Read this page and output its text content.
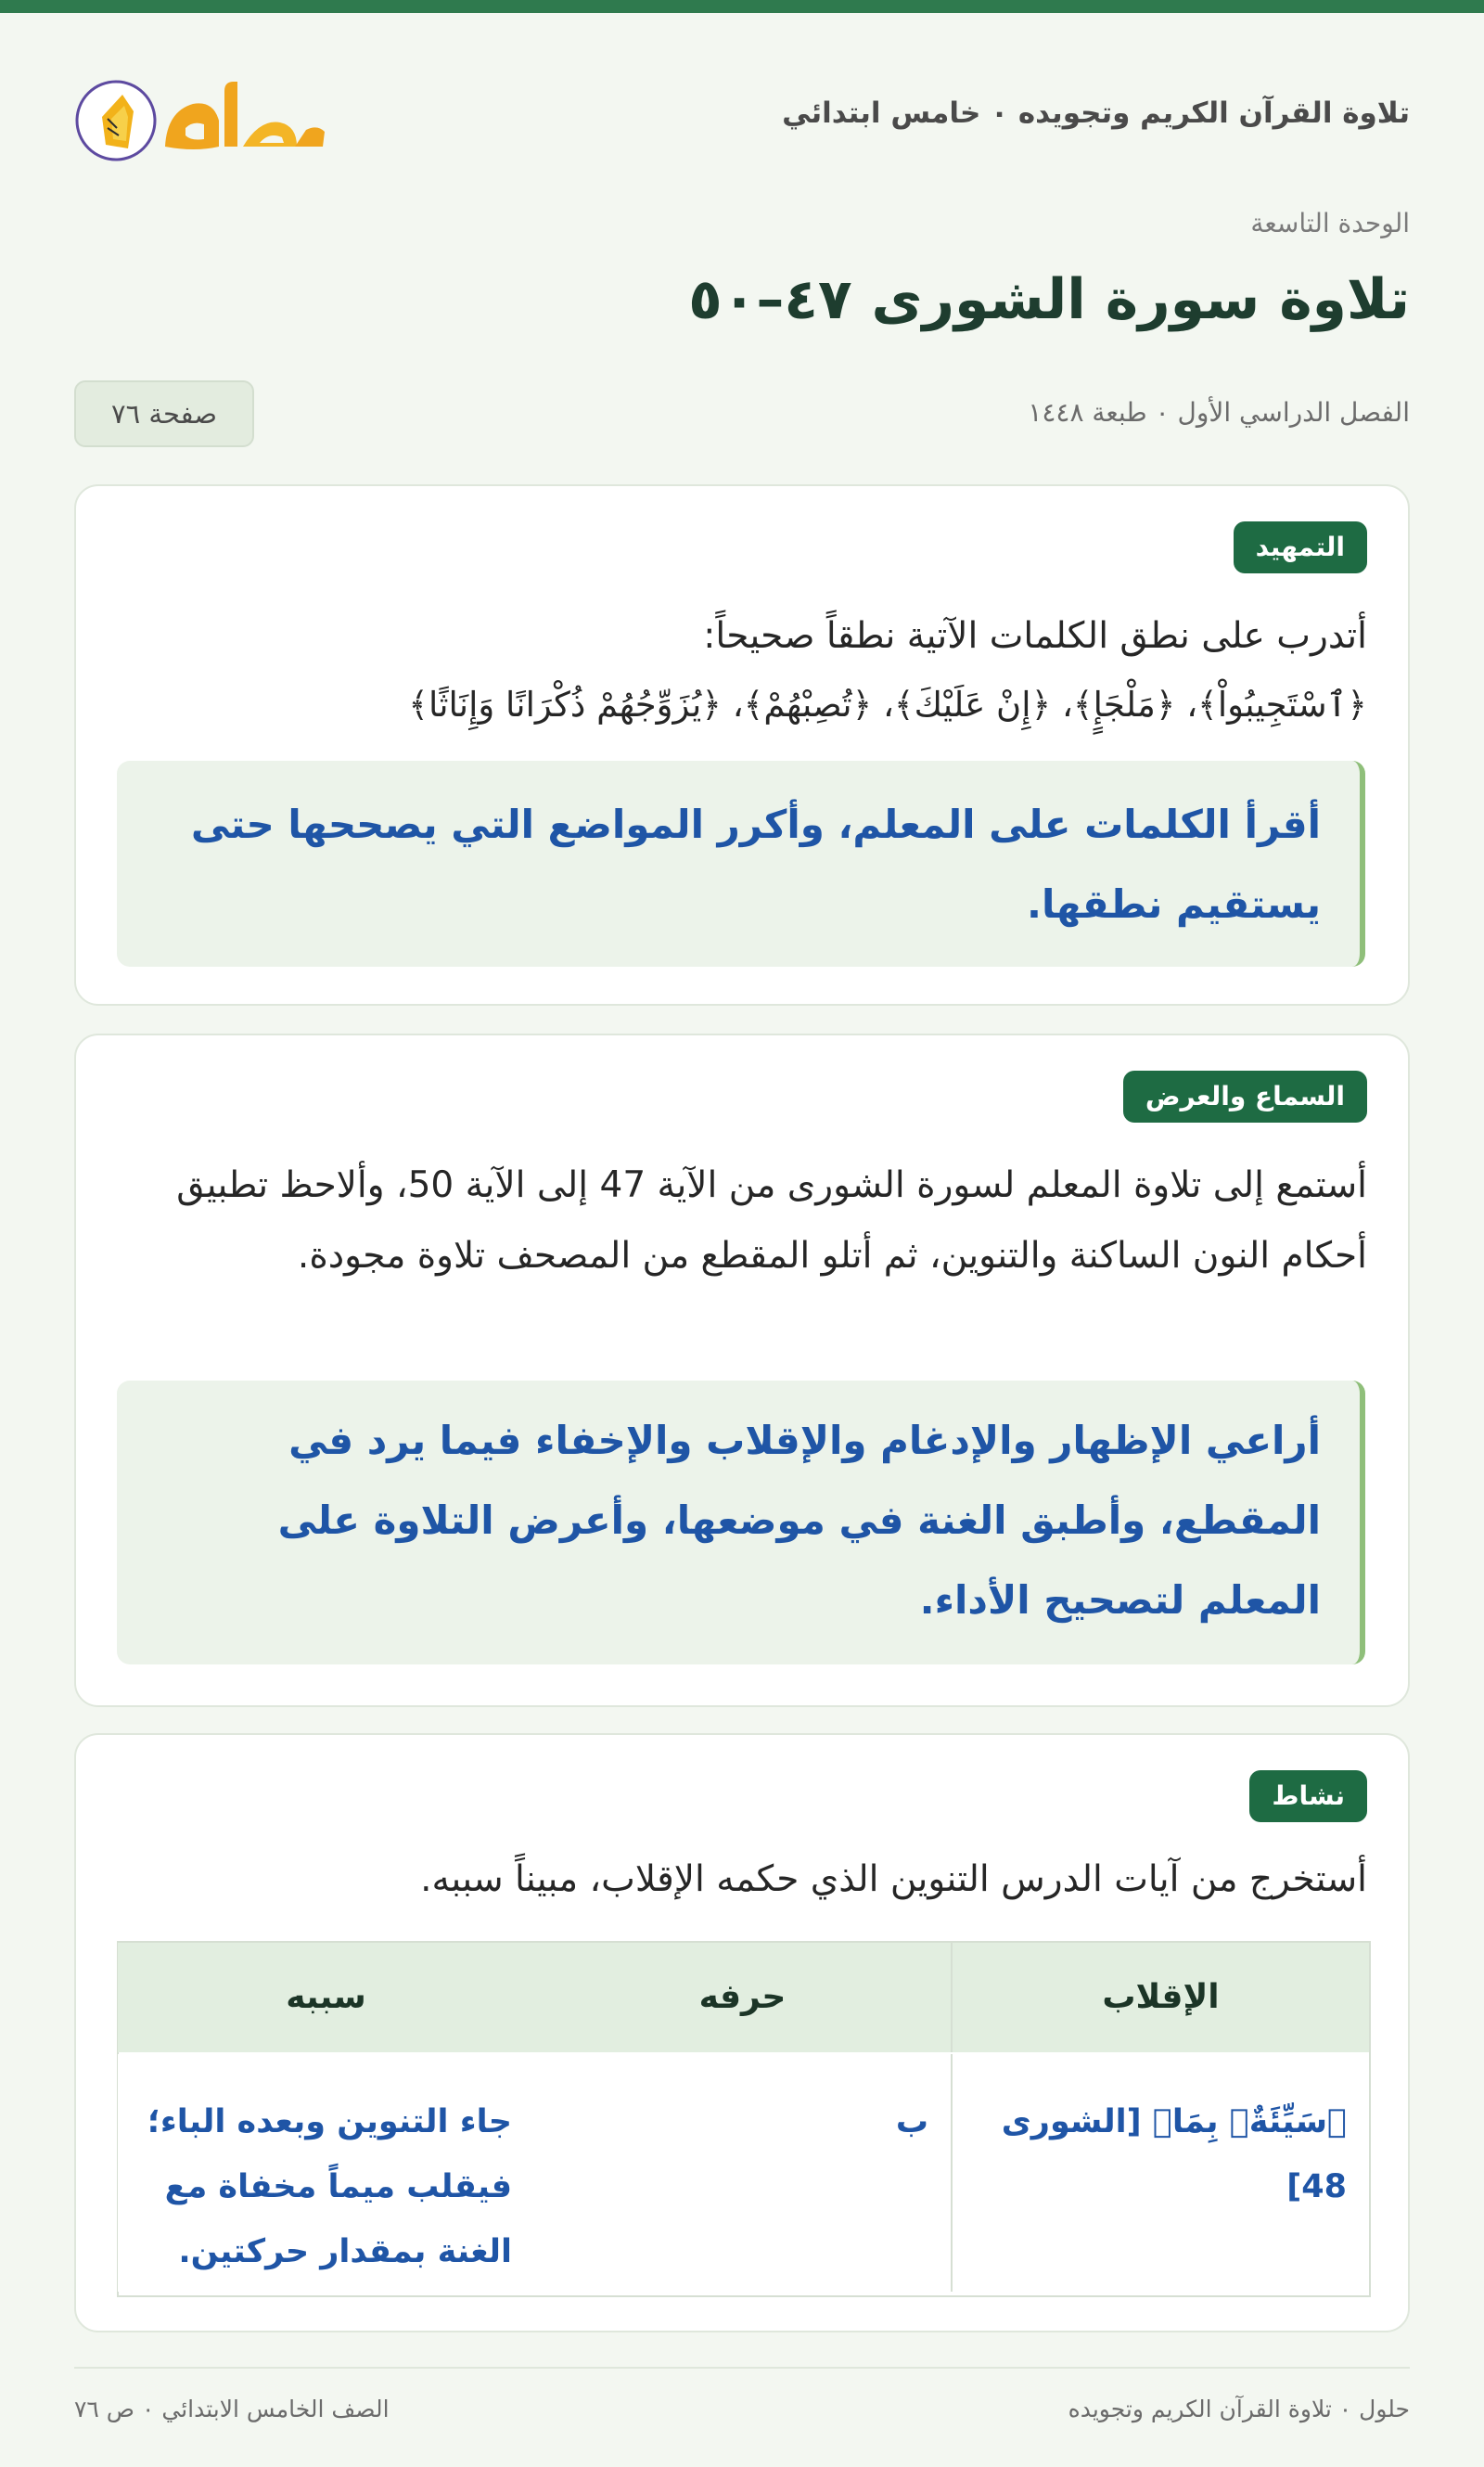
تلاوة القرآن الكريم وتجويده ٠ خامس ابتدائي
الوحدة التاسعة
تلاوة سورة الشورى ٤٧–٥٠
الفصل الدراسي الأول ٠ طبعة ١٤٤٨
صفحة ٧٦
التمهيد
أتدرب على نطق الكلمات الآتية نطقاً صحيحاً:
﴿ٱسْتَجِيبُواْ﴾، ﴿مَلْجَإٍ﴾، ﴿إِنْ عَلَيْكَ﴾، ﴿تُصِبْهُمْ﴾، ﴿يُزَوِّجُهُمْ ذُكْرَانًا وَإِنَاثًا﴾
أقرأ الكلمات على المعلم، وأكرر المواضع التي يصححها حتى يستقيم نطقها.
السماع والعرض
أستمع إلى تلاوة المعلم لسورة الشورى من الآية 47 إلى الآية 50، وألاحظ تطبيق أحكام النون الساكنة والتنوين، ثم أتلو المقطع من المصحف تلاوة مجودة.
أراعي الإظهار والإدغام والإقلاب والإخفاء فيما يرد في المقطع، وأطبق الغنة في موضعها، وأعرض التلاوة على المعلم لتصحيح الأداء.
نشاط
أستخرج من آيات الدرس التنوين الذي حكمه الإقلاب، مبيناً سببه.
الإقلاب
حرفه
سببه
﴿سَيِّئَةٌۢ بِمَا﴾ [الشورى 48]
ب
جاء التنوين وبعده الباء؛ فيقلب ميماً مخفاة مع الغنة بمقدار حركتين.
حلول ٠ تلاوة القرآن الكريم وتجويده
الصف الخامس الابتدائي ٠ ص ٧٦
